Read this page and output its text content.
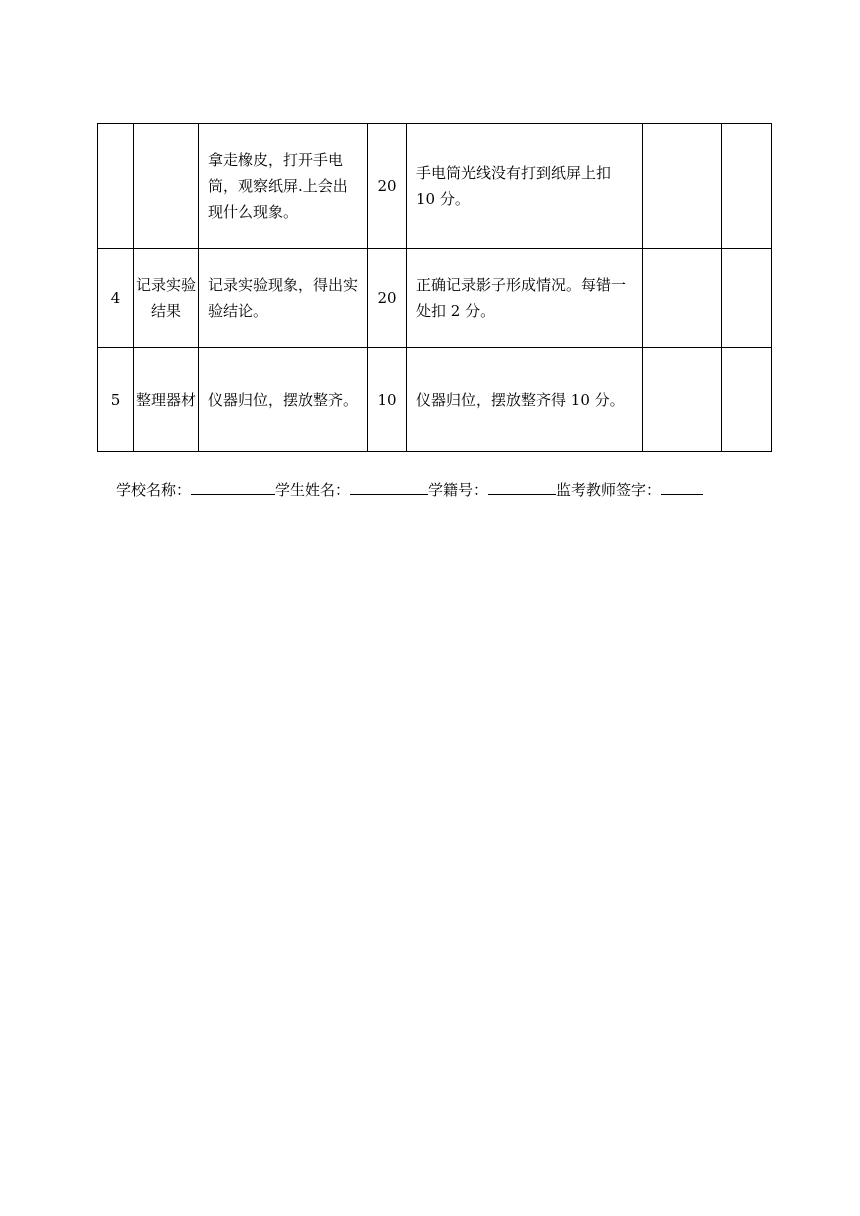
		拿走橡皮，打开手电筒，观察纸屏.上会出现什么现象。	20	手电筒光线没有打到纸屏上扣 10 分。		
4	记录实验结果	记录实验现象，得出实验结论。	20	正确记录影子形成情况。每错一处扣 2 分。		
5	整理器材	仪器归位，摆放整齐。	10	仪器归位，摆放整齐得 10 分。		
学校名称：	学生姓名：	学籍号：	监考教师签字：
